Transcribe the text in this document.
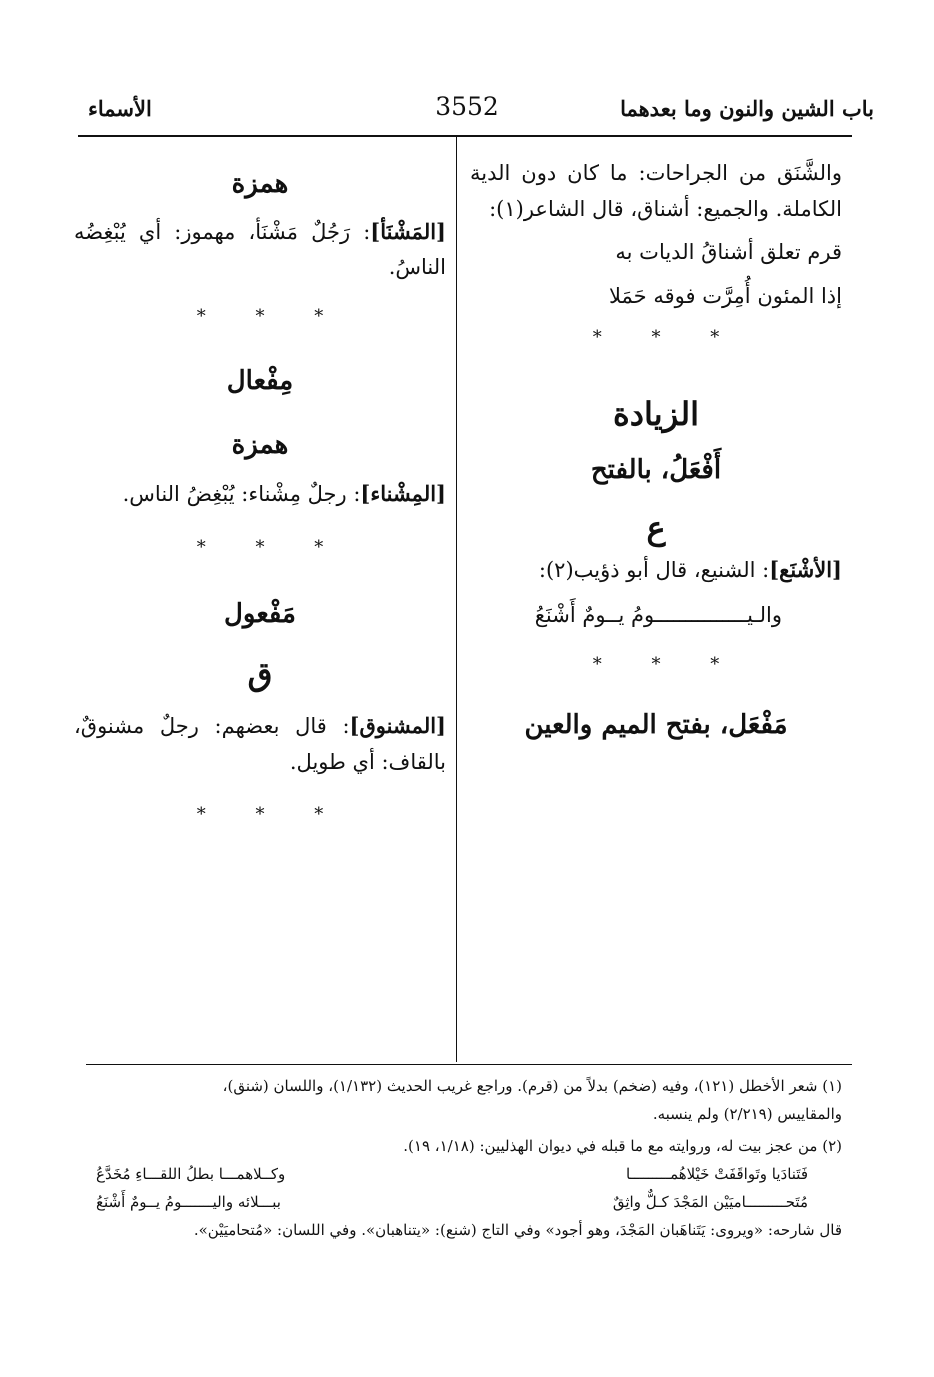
باب الشين والنون وما بعدهما
3552
الأسماء

والشَّنَق من الجراحات: ما كان دون الدية الكاملة. والجميع: أشناق، قال الشاعر(١):

قرم تعلق أشناقُ الديات به

إذا المئون أُمِرَّت فوقه حَمَلا

* * *

الزيادة

أَفْعَلُ، بالفتح

ع

[الأشْنَع]: الشنيع، قال أبو ذؤيب(٢):

والـيـــــــــــــــومُ يــومٌ أَشْنَعُ

* * *

مَفْعَل، بفتح الميم والعين

همزة

[المَشْنَأ]: رَجُلٌ مَشْنَأ، مهموز: أي يُبْغِضُه الناسُ.

* * *

مِفْعال

همزة

[المِشْناء]: رجلٌ مِشْناء: يُبْغِضُ الناس.

* * *

مَفْعول

ق

[المشنوق]: قال بعضهم: رجلٌ مشنوقٌ، بالقاف: أي طويل.

* * *

(١) شعر الأخطل (١٢١)، وفيه (ضخم) بدلاً من (قرم). وراجع غريب الحديث (١/١٣٢)، واللسان (شنق)،

والمقاييس (٢/٢١٩) ولم ينسبه.

(٢) من عجز بيت له، وروايته مع ما قبله في ديوان الهذليين: (١/١٨، ١٩).

فَتَنادَيا وتَواقَفَتْ خَيْلاهُمـــــــــا
وكــلاهمـــا بطلُ اللقـــاءِ مُخَدَّعُ
مُتَحـــــــــاميَيْن المَجْدَ كـلٌّ واثِقٌ
ببـــلائه واليـــــــومُ يــومٌ أَشْنَعُ

قال شارحه: «ويروى: يَتَناهَبان المَجْدَ، وهو أجود» وفي التاج (شنع): «يتناهبان». وفي اللسان: «مُتحاميَيْن».
